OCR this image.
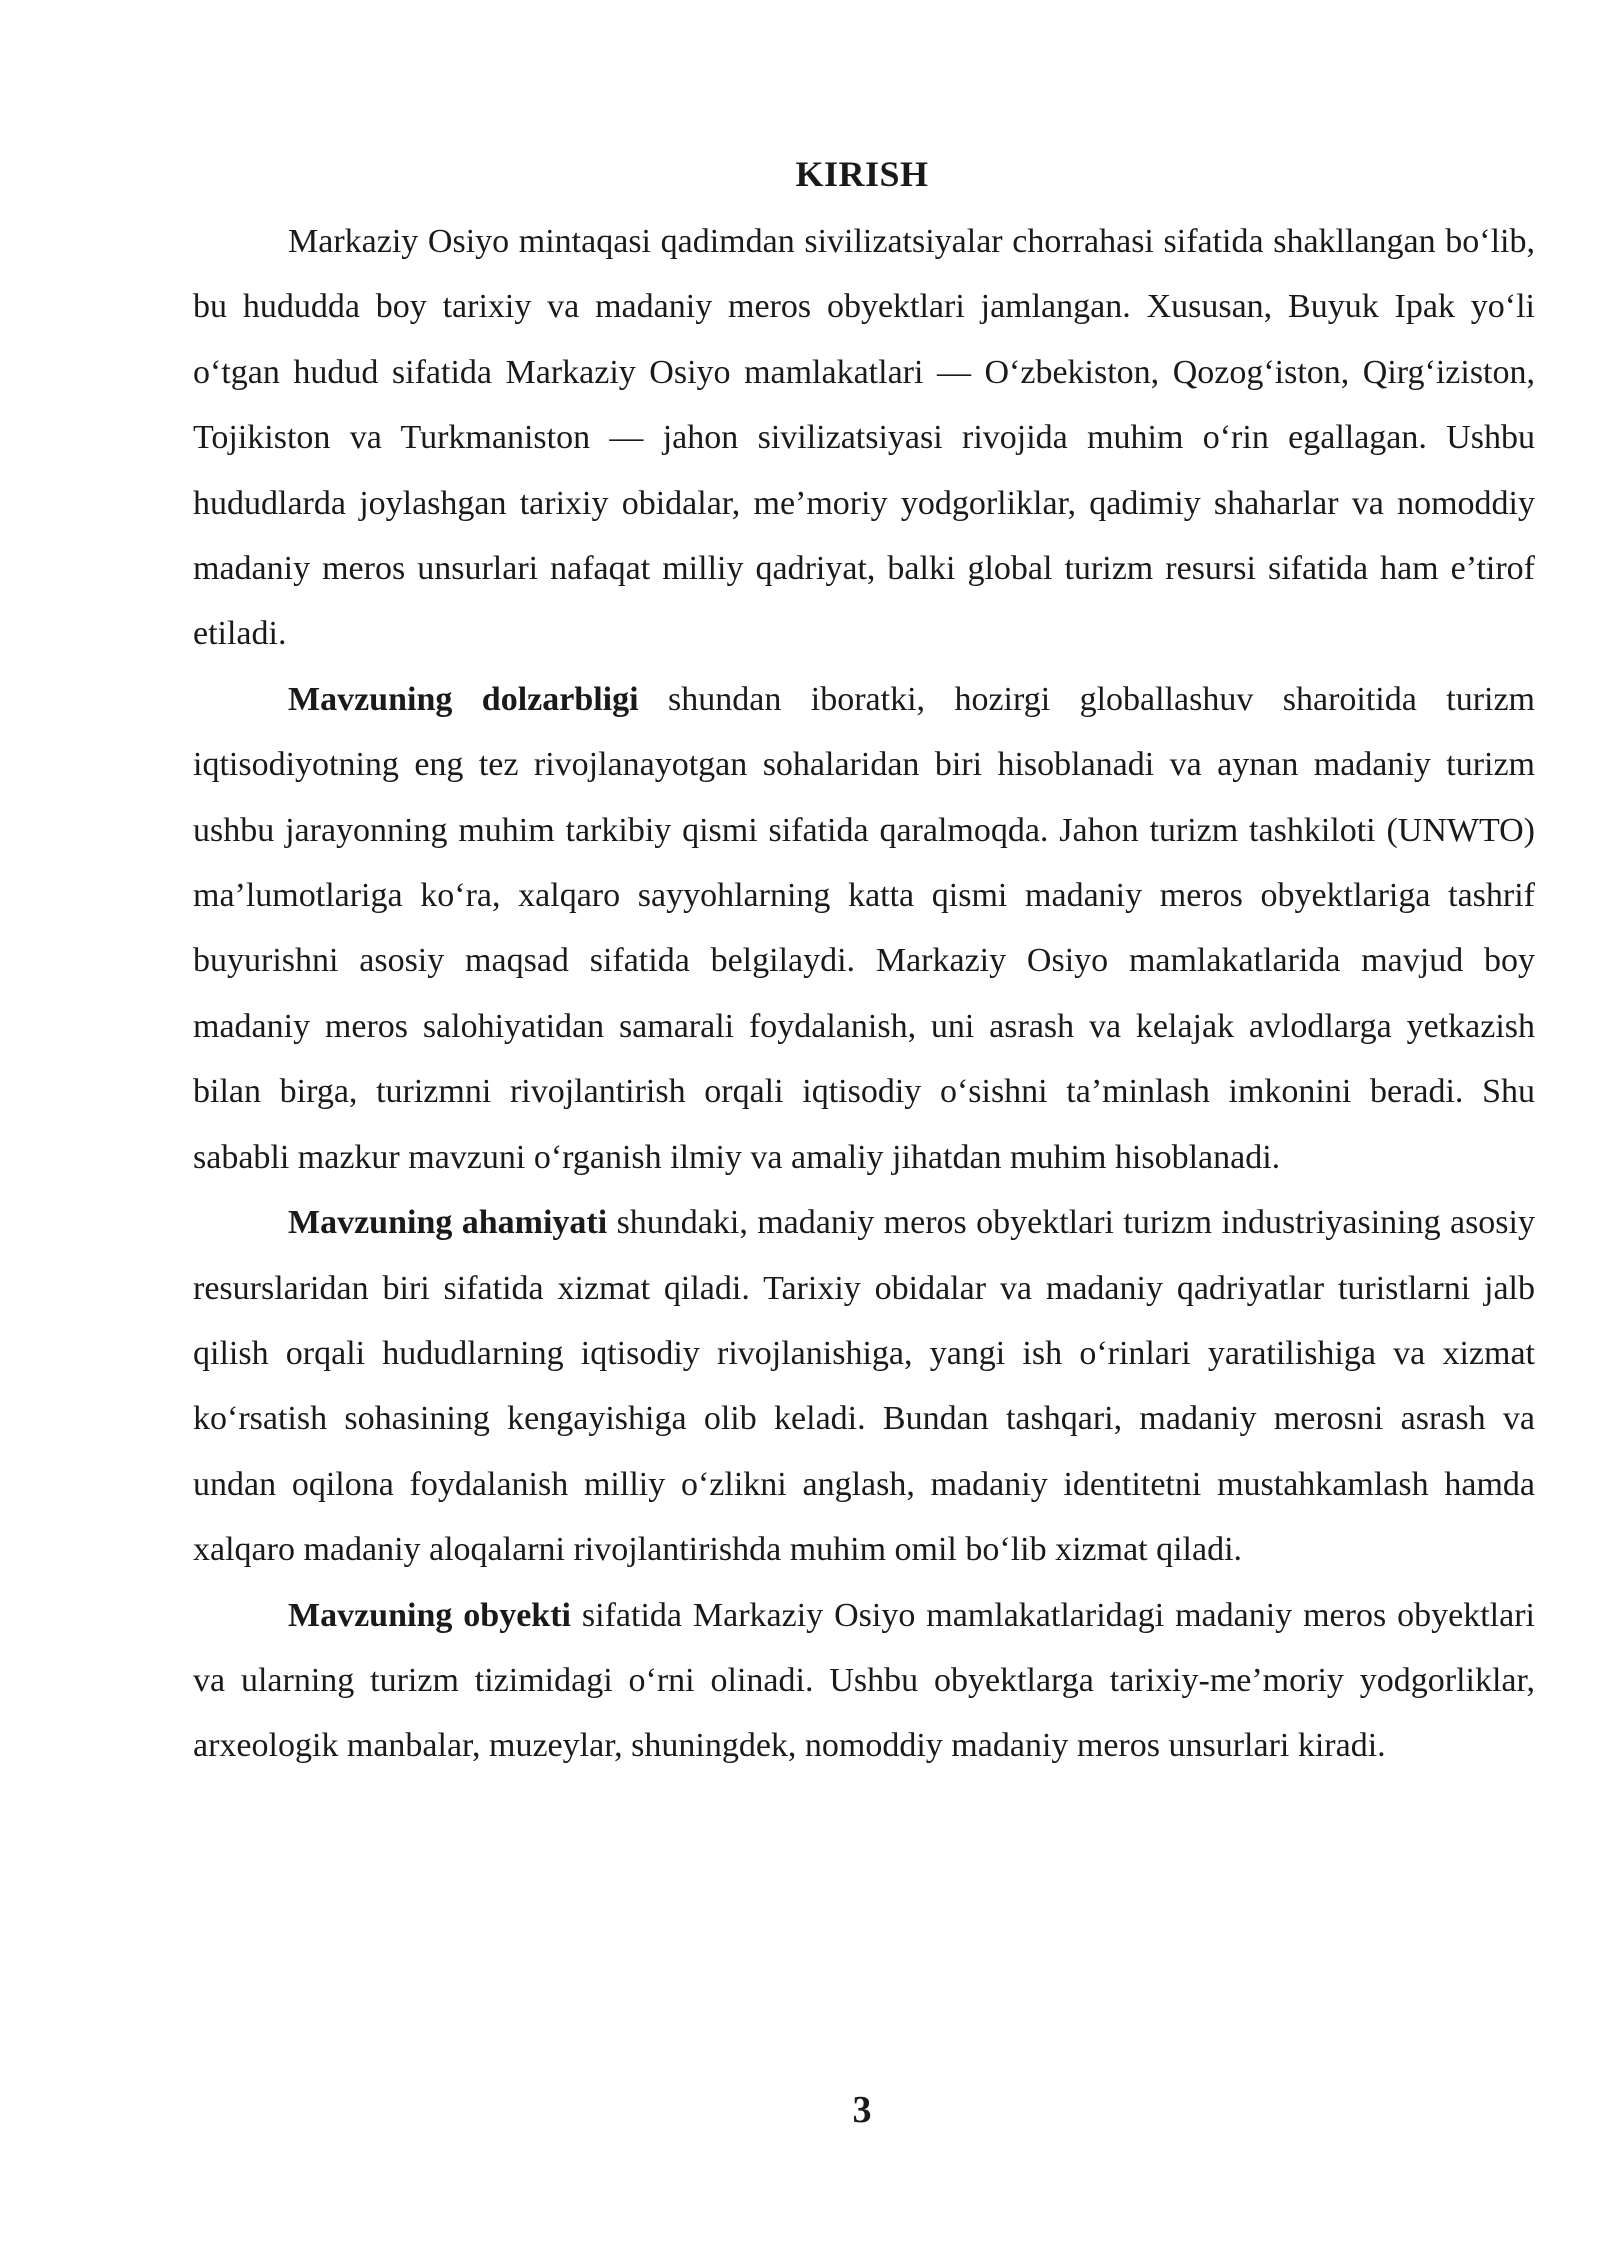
KIRISH

Markaziy Osiyo mintaqasi qadimdan sivilizatsiyalar chorrahasi sifatida shakllangan bo‘lib, bu hududda boy tarixiy va madaniy meros obyektlari jamlangan. Xususan, Buyuk Ipak yo‘li o‘tgan hudud sifatida Markaziy Osiyo mamlakatlari — O‘zbekiston, Qozog‘iston, Qirg‘iziston, Tojikiston va Turkmaniston — jahon sivilizatsiyasi rivojida muhim o‘rin egallagan. Ushbu hududlarda joylashgan tarixiy obidalar, me’moriy yodgorliklar, qadimiy shaharlar va nomoddiy madaniy meros unsurlari nafaqat milliy qadriyat, balki global turizm resursi sifatida ham e’tirof etiladi.

Mavzuning dolzarbligi shundan iboratki, hozirgi globallashuv sharoitida turizm iqtisodiyotning eng tez rivojlanayotgan sohalaridan biri hisoblanadi va aynan madaniy turizm ushbu jarayonning muhim tarkibiy qismi sifatida qaralmoqda. Jahon turizm tashkiloti (UNWTO) ma’lumotlariga ko‘ra, xalqaro sayyohlarning katta qismi madaniy meros obyektlariga tashrif buyurishni asosiy maqsad sifatida belgilaydi. Markaziy Osiyo mamlakatlarida mavjud boy madaniy meros salohiyatidan samarali foydalanish, uni asrash va kelajak avlodlarga yetkazish bilan birga, turizmni rivojlantirish orqali iqtisodiy o‘sishni ta’minlash imkonini beradi. Shu sababli mazkur mavzuni o‘rganish ilmiy va amaliy jihatdan muhim hisoblanadi.

Mavzuning ahamiyati shundaki, madaniy meros obyektlari turizm industriyasining asosiy resurslaridan biri sifatida xizmat qiladi. Tarixiy obidalar va madaniy qadriyatlar turistlarni jalb qilish orqali hududlarning iqtisodiy rivojlanishiga, yangi ish o‘rinlari yaratilishiga va xizmat ko‘rsatish sohasining kengayishiga olib keladi. Bundan tashqari, madaniy merosni asrash va undan oqilona foydalanish milliy o‘zlikni anglash, madaniy identitetni mustahkamlash hamda xalqaro madaniy aloqalarni rivojlantirishda muhim omil bo‘lib xizmat qiladi.

Mavzuning obyekti sifatida Markaziy Osiyo mamlakatlaridagi madaniy meros obyektlari va ularning turizm tizimidagi o‘rni olinadi. Ushbu obyektlarga tarixiy-me’moriy yodgorliklar, arxeologik manbalar, muzeylar, shuningdek, nomoddiy madaniy meros unsurlari kiradi.

3
